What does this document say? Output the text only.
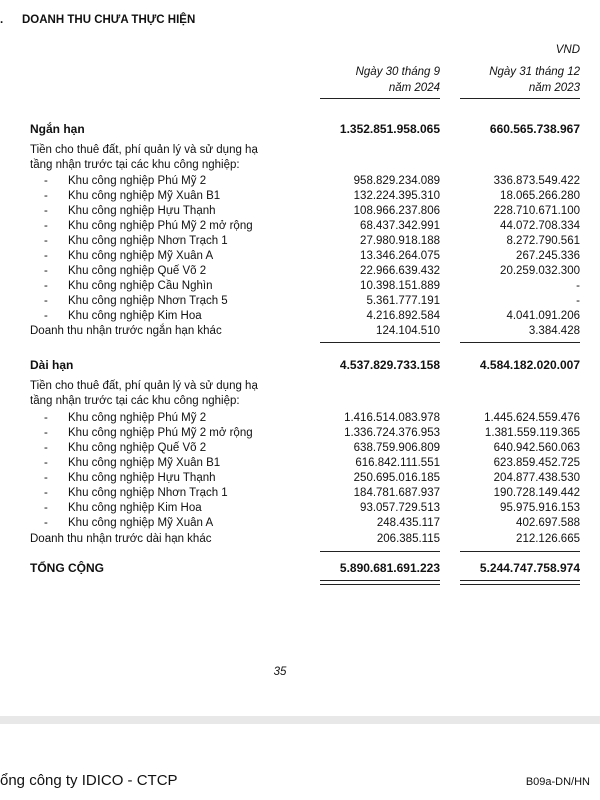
. DOANH THU CHƯA THỰC HIỆN
VND
Ngày 30 tháng 9
năm 2024
Ngày 31 tháng 12
năm 2023
Ngắn hạn	1.352.851.958.065	660.565.738.967
Tiền cho thuê đất, phí quản lý và sử dụng hạ
tầng nhận trước tại các khu công nghiệp:
- Khu công nghiệp Phú Mỹ 2	958.829.234.089	336.873.549.422
- Khu công nghiệp Mỹ Xuân B1	132.224.395.310	18.065.266.280
- Khu công nghiệp Hựu Thạnh	108.966.237.806	228.710.671.100
- Khu công nghiệp Phú Mỹ 2 mở rộng	68.437.342.991	44.072.708.334
- Khu công nghiệp Nhơn Trạch 1	27.980.918.188	8.272.790.561
- Khu công nghiệp Mỹ Xuân A	13.346.264.075	267.245.336
- Khu công nghiệp Quế Võ 2	22.966.639.432	20.259.032.300
- Khu công nghiệp Cầu Nghìn	10.398.151.889	-
- Khu công nghiệp Nhơn Trạch 5	5.361.777.191	-
- Khu công nghiệp Kim Hoa	4.216.892.584	4.041.091.206
Doanh thu nhận trước ngắn hạn khác	124.104.510	3.384.428
Dài hạn	4.537.829.733.158	4.584.182.020.007
Tiền cho thuê đất, phí quản lý và sử dụng hạ
tầng nhận trước tại các khu công nghiệp:
- Khu công nghiệp Phú Mỹ 2	1.416.514.083.978	1.445.624.559.476
- Khu công nghiệp Phú Mỹ 2 mở rộng	1.336.724.376.953	1.381.559.119.365
- Khu công nghiệp Quế Võ 2	638.759.906.809	640.942.560.063
- Khu công nghiệp Mỹ Xuân B1	616.842.111.551	623.859.452.725
- Khu công nghiệp Hựu Thạnh	250.695.016.185	204.877.438.530
- Khu công nghiệp Nhơn Trạch 1	184.781.687.937	190.728.149.442
- Khu công nghiệp Kim Hoa	93.057.729.513	95.975.916.153
- Khu công nghiệp Mỹ Xuân A	248.435.117	402.697.588
Doanh thu nhận trước dài hạn khác	206.385.115	212.126.665
TỔNG CỘNG	5.890.681.691.223	5.244.747.758.974
35
ổng công ty IDICO - CTCP	B09a-DN/HN
